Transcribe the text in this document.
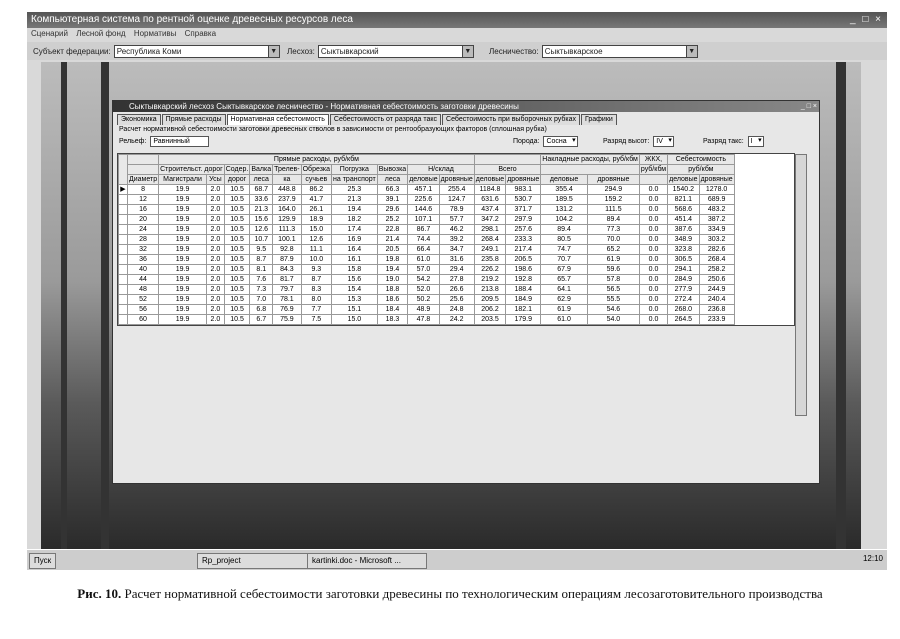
Компьютерная система по рентной оценке древесных ресурсов леса	_ □ ×
Сценарий Лесной фонд Нормативы Справка
Субъект федерации: Республика Коми	▼ Лесхоз: Сыктывкарский	▼ Лесничество: Сыктывкарское	▼
Сыктывкарский лесхоз Сыктывкарское лесничество - Нормативная себестоимость заготовки древесины	_ □ ×
Экономика	Прямые расходы	Нормативная себестоимость	Себестоимость от разряда такс	Себестоимость при выборочных рубках	Графики
Расчет нормативной себестоимости заготовки древесных стволов в зависимости от рентообразующих факторов (сплошная рубка)
Рельеф: Равнинный	Порода: Сосна ▾	Разряд высот: IV ▾	Разряд такс: I ▾
		Прямые расходы, руб/кбм												Накладные расходы, руб/кбм		ЖКХ,	Себестоимость	
		Строительст. дорог		Содер.	Валка	Трелев-	Обрезка	Погрузка	Вывозка	Н/склад		Всего				руб/кбм	руб/кбм	
	Диаметр	Магистрали	Усы	дорог	леса	ка	сучьев	на транспорт	леса	деловые	дровяные	деловые	дровяные	деловые	дровяные		деловые	дровяные
▶	8	19.9	2.0	10.5	68.7	448.8	86.2	25.3	66.3	457.1	255.4	1184.8	983.1	355.4	294.9	0.0	1540.2	1278.0
	12	19.9	2.0	10.5	33.6	237.9	41.7	21.3	39.1	225.6	124.7	631.6	530.7	189.5	159.2	0.0	821.1	689.9
	16	19.9	2.0	10.5	21.3	164.0	26.1	19.4	29.6	144.6	78.9	437.4	371.7	131.2	111.5	0.0	568.6	483.2
	20	19.9	2.0	10.5	15.6	129.9	18.9	18.2	25.2	107.1	57.7	347.2	297.9	104.2	89.4	0.0	451.4	387.2
	24	19.9	2.0	10.5	12.6	111.3	15.0	17.4	22.8	86.7	46.2	298.1	257.6	89.4	77.3	0.0	387.6	334.9
	28	19.9	2.0	10.5	10.7	100.1	12.6	16.9	21.4	74.4	39.2	268.4	233.3	80.5	70.0	0.0	348.9	303.2
	32	19.9	2.0	10.5	9.5	92.8	11.1	16.4	20.5	66.4	34.7	249.1	217.4	74.7	65.2	0.0	323.8	282.6
	36	19.9	2.0	10.5	8.7	87.9	10.0	16.1	19.8	61.0	31.6	235.8	206.5	70.7	61.9	0.0	306.5	268.4
	40	19.9	2.0	10.5	8.1	84.3	9.3	15.8	19.4	57.0	29.4	226.2	198.6	67.9	59.6	0.0	294.1	258.2
	44	19.9	2.0	10.5	7.6	81.7	8.7	15.6	19.0	54.2	27.8	219.2	192.8	65.7	57.8	0.0	284.9	250.6
	48	19.9	2.0	10.5	7.3	79.7	8.3	15.4	18.8	52.0	26.6	213.8	188.4	64.1	56.5	0.0	277.9	244.9
	52	19.9	2.0	10.5	7.0	78.1	8.0	15.3	18.6	50.2	25.6	209.5	184.9	62.9	55.5	0.0	272.4	240.4
	56	19.9	2.0	10.5	6.8	76.9	7.7	15.1	18.4	48.9	24.8	206.2	182.1	61.9	54.6	0.0	268.0	236.8
	60	19.9	2.0	10.5	6.7	75.9	7.5	15.0	18.3	47.8	24.2	203.5	179.9	61.0	54.0	0.0	264.5	233.9
Пуск	Rp_project	kartinki.doc - Microsoft ...	12:10
Рис. 10. Расчет нормативной себестоимости заготовки древесины по технологическим операциям лесозаготовительного производства
